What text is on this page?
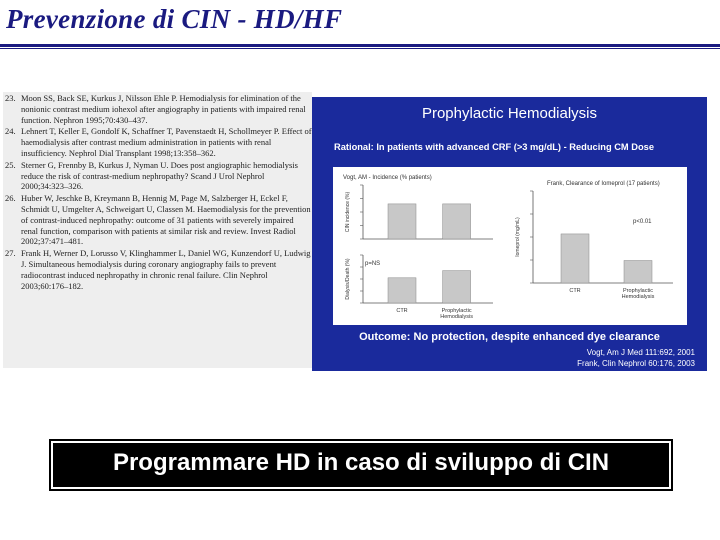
Prevenzione di CIN - HD/HF
23. Moon SS, Back SE, Kurkus J, Nilsson Ehle P. Hemodialysis for elimination of the nonionic contrast medium iohexol after angiography in patients with impaired renal function. Nephron 1995;70:430–437.
24. Lehnert T, Keller E, Gondolf K, Schaffner T, Pavenstaedt H, Schollmeyer P. Effect of haemodialysis after contrast medium administration in patients with renal insufficiency. Nephrol Dial Transplant 1998;13:358–362.
25. Sterner G, Frennby B, Kurkus J, Nyman U. Does post angiographic hemodialysis reduce the risk of contrast-medium nephropathy? Scand J Urol Nephrol 2000;34:323–326.
26. Huber W, Jeschke B, Kreymann B, Hennig M, Page M, Salzberger H, Eckel F, Schmidt U, Umgelter A, Schweigart U, Classen M. Haemodialysis for the prevention of contrast-induced nephropathy: outcome of 31 patients with severely impaired renal function, comparison with patients at similar risk and review. Invest Radiol 2002;37:471–481.
27. Frank H, Werner D, Lorusso V, Klinghammer L, Daniel WG, Kunzendorf U, Ludwig J. Simultaneous hemodialysis during coronary angiography fails to prevent radiocontrast induced nephropathy in chronic renal failure. Clin Nephrol 2003;60:176–182.
Prophylactic Hemodialysis
Rational: In patients with advanced CRF (>3 mg/dL) - Reducing CM Dose
Vogt, AM - Incidence (% patients)
CIN incidence (%)
Dialysis/Death (%) p=NS
CTR	Prophylactic
Hemodialysis
Frank, Clearance of Iomeprol (17 patients)
Iomeprol (mg/mL)	p<0.01
CTR	Prophylactic
Hemodialysis
Outcome: No protection, despite enhanced dye clearance
Vogt, Am J Med 111:692, 2001
Frank, Clin Nephrol 60:176, 2003
Programmare HD in caso di sviluppo di CIN
